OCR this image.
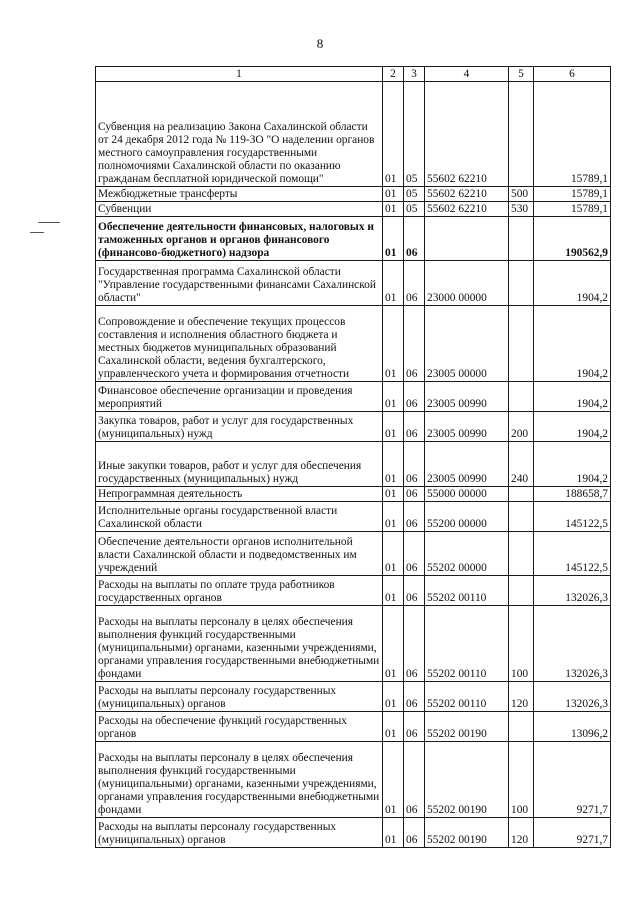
8
1	2	3	4	5	6
Субвенция на реализацию Закона Сахалинской области от 24 декабря 2012 года № 119-ЗО "О наделении органов местного самоуправления государственными полномочиями Сахалинской области по оказанию гражданам бесплатной юридической помощи"	01	05	55602 62210		15789,1
Межбюджетные трансферты	01	05	55602 62210	500	15789,1
Субвенции	01	05	55602 62210	530	15789,1
Обеспечение деятельности финансовых, налоговых и таможенных органов и органов финансового (финансово-бюджетного) надзора	01	06			190562,9
Государственная программа Сахалинской области "Управление государственными финансами Сахалинской области"	01	06	23000 00000		1904,2
Сопровождение и обеспечение текущих процессов составления и исполнения областного бюджета и местных бюджетов муниципальных образований Сахалинской области, ведения бухгалтерского, управленческого учета и формирования отчетности	01	06	23005 00000		1904,2
Финансовое обеспечение организации и проведения мероприятий	01	06	23005 00990		1904,2
Закупка товаров, работ и услуг для государственных (муниципальных) нужд	01	06	23005 00990	200	1904,2
Иные закупки товаров, работ и услуг для обеспечения государственных (муниципальных) нужд	01	06	23005 00990	240	1904,2
Непрограммная деятельность	01	06	55000 00000		188658,7
Исполнительные органы государственной власти Сахалинской области	01	06	55200 00000		145122,5
Обеспечение деятельности органов исполнительной власти Сахалинской области и подведомственных им учреждений	01	06	55202 00000		145122,5
Расходы на выплаты по оплате труда работников государственных органов	01	06	55202 00110		132026,3
Расходы на выплаты персоналу в целях обеспечения выполнения функций государственными (муниципальными) органами, казенными учреждениями, органами управления государственными внебюджетными фондами	01	06	55202 00110	100	132026,3
Расходы на выплаты персоналу государственных (муниципальных) органов	01	06	55202 00110	120	132026,3
Расходы на обеспечение функций государственных органов	01	06	55202 00190		13096,2
Расходы на выплаты персоналу в целях обеспечения выполнения функций государственными (муниципальными) органами, казенными учреждениями, органами управления государственными внебюджетными фондами	01	06	55202 00190	100	9271,7
Расходы на выплаты персоналу государственных (муниципальных) органов	01	06	55202 00190	120	9271,7
